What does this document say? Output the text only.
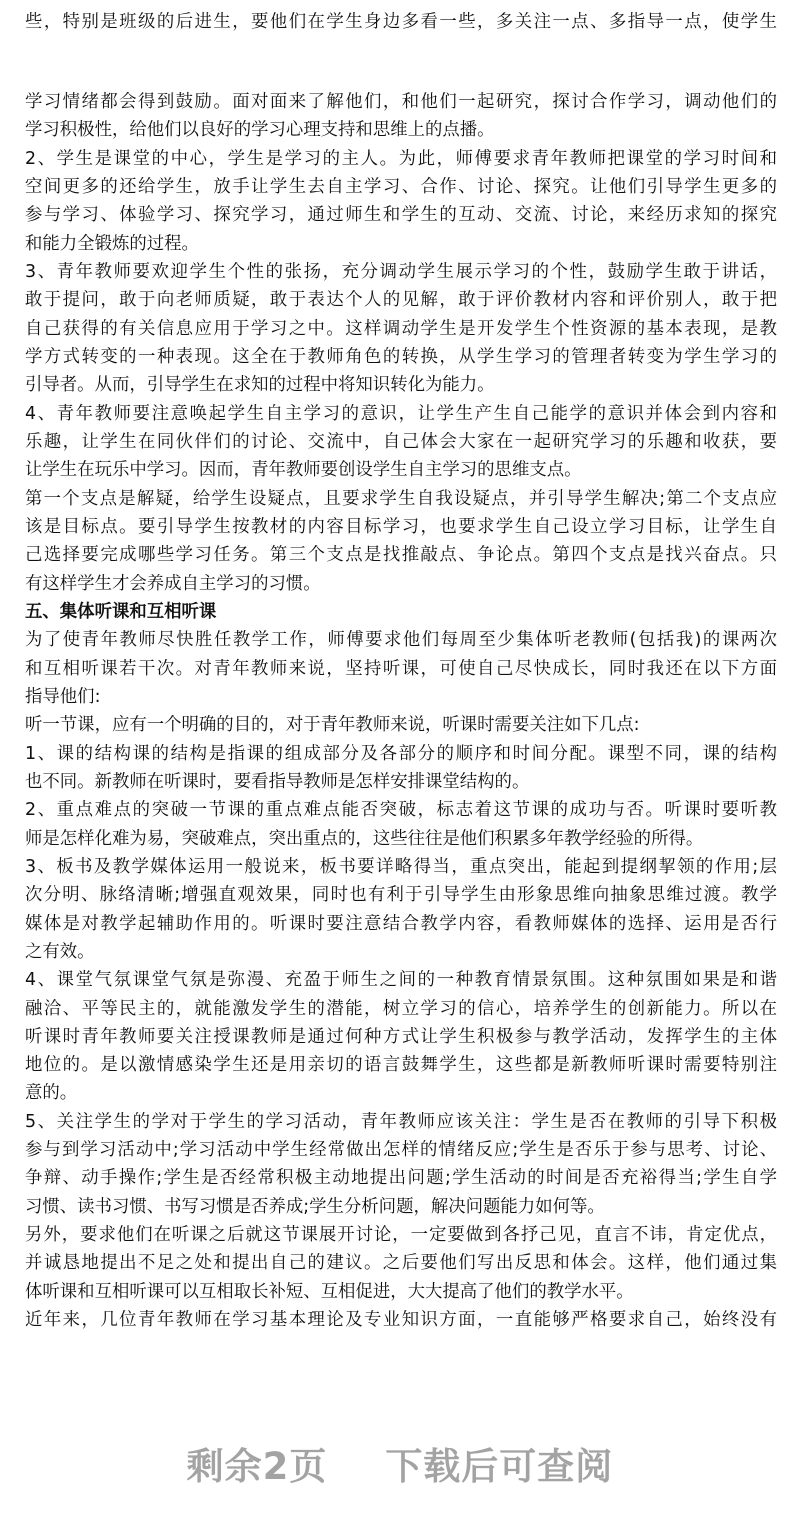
些，特别是班级的后进生，要他们在学生身边多看一些，多关注一点、多指导一点，使学生
学习情绪都会得到鼓励。面对面来了解他们，和他们一起研究，探讨合作学习，调动他们的
学习积极性，给他们以良好的学习心理支持和思维上的点播。
2、学生是课堂的中心，学生是学习的主人。为此，师傅要求青年教师把课堂的学习时间和
空间更多的还给学生，放手让学生去自主学习、合作、讨论、探究。让他们引导学生更多的
参与学习、体验学习、探究学习，通过师生和学生的互动、交流、讨论，来经历求知的探究
和能力全锻炼的过程。
3、青年教师要欢迎学生个性的张扬，充分调动学生展示学习的个性，鼓励学生敢于讲话，
敢于提问，敢于向老师质疑，敢于表达个人的见解，敢于评价教材内容和评价别人，敢于把
自己获得的有关信息应用于学习之中。这样调动学生是开发学生个性资源的基本表现，是教
学方式转变的一种表现。这全在于教师角色的转换，从学生学习的管理者转变为学生学习的
引导者。从而，引导学生在求知的过程中将知识转化为能力。
4、青年教师要注意唤起学生自主学习的意识，让学生产生自己能学的意识并体会到内容和
乐趣，让学生在同伙伴们的讨论、交流中，自己体会大家在一起研究学习的乐趣和收获，要
让学生在玩乐中学习。因而，青年教师要创设学生自主学习的思维支点。
第一个支点是解疑，给学生设疑点，且要求学生自我设疑点，并引导学生解决;第二个支点应
该是目标点。要引导学生按教材的内容目标学习，也要求学生自己设立学习目标，让学生自
己选择要完成哪些学习任务。第三个支点是找推敲点、争论点。第四个支点是找兴奋点。只
有这样学生才会养成自主学习的习惯。
五、集体听课和互相听课
为了使青年教师尽快胜任教学工作，师傅要求他们每周至少集体听老教师(包括我)的课两次
和互相听课若干次。对青年教师来说，坚持听课，可使自己尽快成长，同时我还在以下方面
指导他们:
听一节课，应有一个明确的目的，对于青年教师来说，听课时需要关注如下几点:
1、课的结构课的结构是指课的组成部分及各部分的顺序和时间分配。课型不同，课的结构
也不同。新教师在听课时，要看指导教师是怎样安排课堂结构的。
2、重点难点的突破一节课的重点难点能否突破，标志着这节课的成功与否。听课时要听教
师是怎样化难为易，突破难点，突出重点的，这些往往是他们积累多年教学经验的所得。
3、板书及教学媒体运用一般说来，板书要详略得当，重点突出，能起到提纲挈领的作用;层
次分明、脉络清晰;增强直观效果，同时也有利于引导学生由形象思维向抽象思维过渡。教学
媒体是对教学起辅助作用的。听课时要注意结合教学内容，看教师媒体的选择、运用是否行
之有效。
4、课堂气氛课堂气氛是弥漫、充盈于师生之间的一种教育情景氛围。这种氛围如果是和谐
融洽、平等民主的，就能激发学生的潜能，树立学习的信心，培养学生的创新能力。所以在
听课时青年教师要关注授课教师是通过何种方式让学生积极参与教学活动，发挥学生的主体
地位的。是以激情感染学生还是用亲切的语言鼓舞学生，这些都是新教师听课时需要特别注
意的。
5、关注学生的学对于学生的学习活动，青年教师应该关注：学生是否在教师的引导下积极
参与到学习活动中;学习活动中学生经常做出怎样的情绪反应;学生是否乐于参与思考、讨论、
争辩、动手操作;学生是否经常积极主动地提出问题;学生活动的时间是否充裕得当;学生自学
习惯、读书习惯、书写习惯是否养成;学生分析问题，解决问题能力如何等。
另外，要求他们在听课之后就这节课展开讨论，一定要做到各抒己见，直言不讳，肯定优点，
并诚恳地提出不足之处和提出自己的建议。之后要他们写出反思和体会。这样，他们通过集
体听课和互相听课可以互相取长补短、互相促进，大大提高了他们的教学水平。
近年来，几位青年教师在学习基本理论及专业知识方面，一直能够严格要求自己，始终没有
剩余2页 下载后可查阅
